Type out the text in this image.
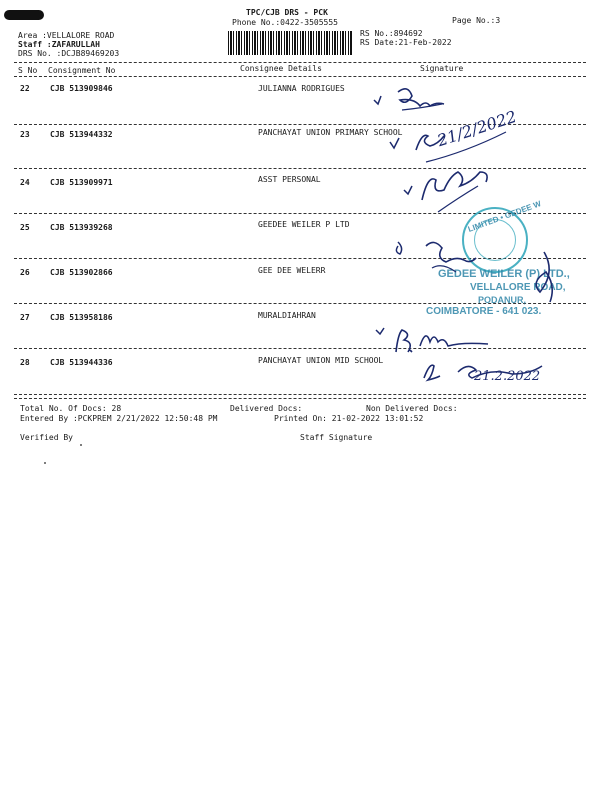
TPC/CJB DRS - PCK
Phone No.:0422-3505555	Page No.:3
Area :VELLALORE ROAD
Staff :ZAFARULLAH
DRS No. :DCJB89469203
RS No.:894692
RS Date:21-Feb-2022
S No Consignment No	Consignee Details	Signature
22	CJB 513909846	JULIANNA RODRIGUES
23	CJB 513944332	PANCHAYAT UNION PRIMARY SCHOOL
24	CJB 513909971	ASST PERSONAL
25	CJB 513939268	GEEDEE WEILER P LTD
26	CJB 513902866	GEE DEE WELERR
27	CJB 513958186	MURALDIAHRAN
28	CJB 513944336	PANCHAYAT UNION MID SCHOOL
Total No. Of Docs: 28	Delivered Docs:	Non Delivered Docs:
Entered By :PCKPREM 2/21/2022 12:50:48 PM	Printed On: 21-02-2022 13:01:52
Verified By	Staff Signature
LIMITED • GEDEE W
GEDEE WEILER (P) LTD.,
VELLALORE ROAD,
PODANUR,
COIMBATORE - 641 023.
21/2/2022
21.2.2022
